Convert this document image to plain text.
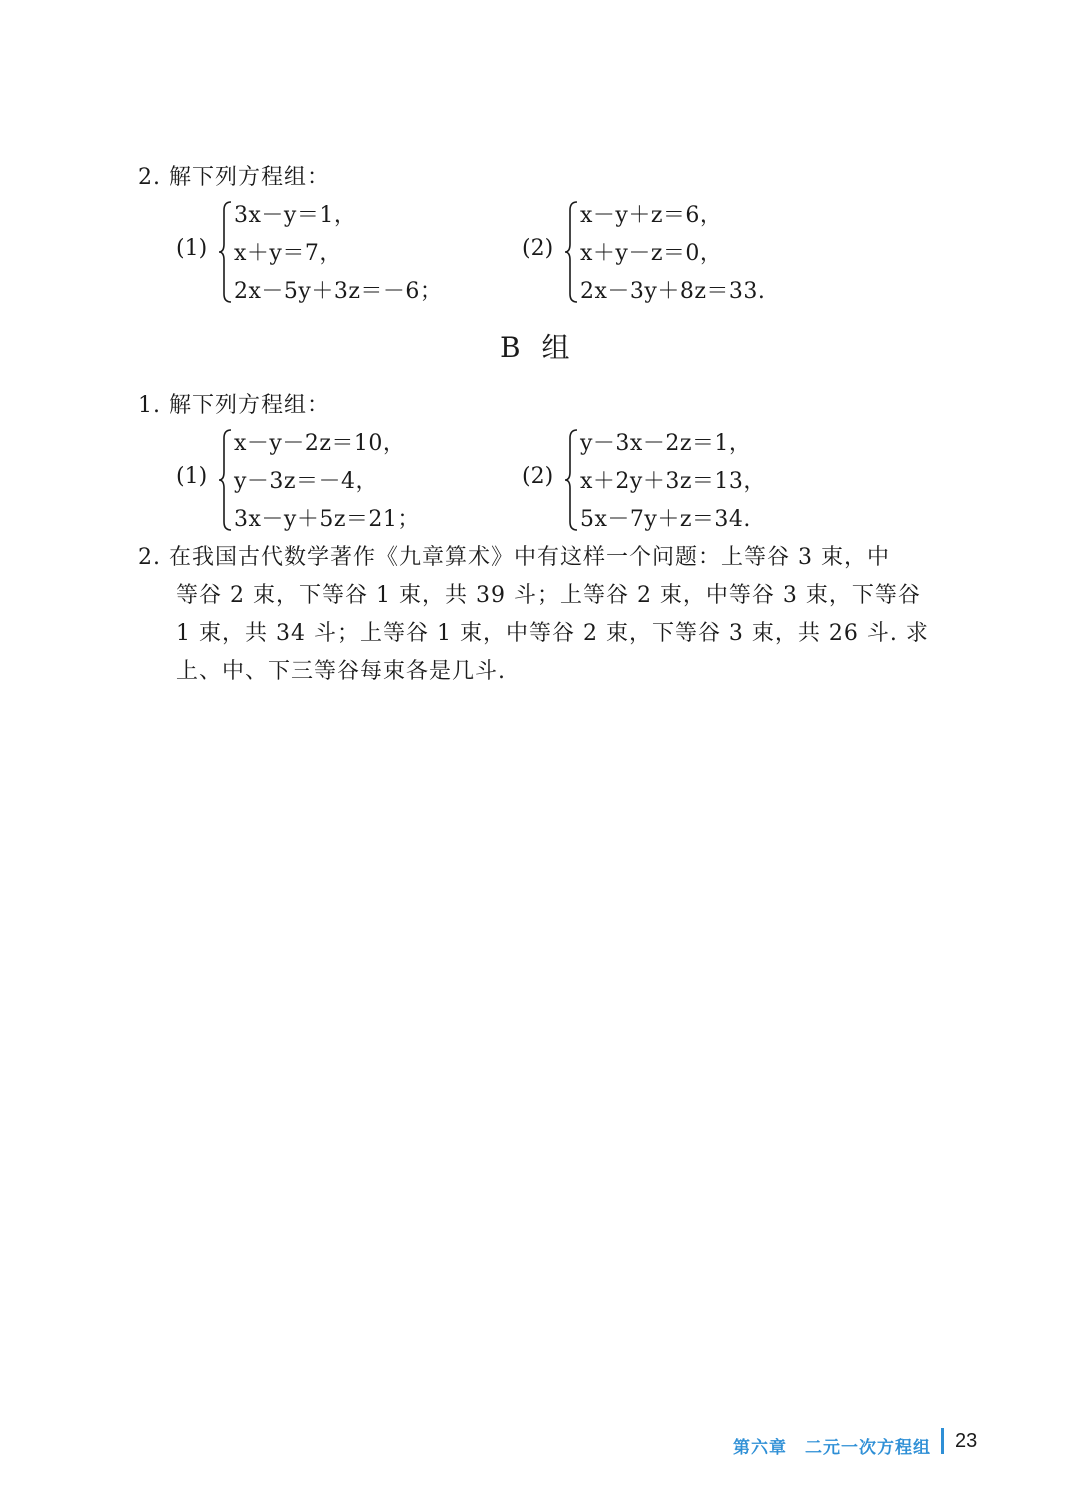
2. 解下列方程组：
(1)
3x－y＝1，
x＋y＝7，
2x－5y＋3z＝－6；
(2)
x－y＋z＝6，
x＋y－z＝0，
2x－3y＋8z＝33.
B 组
1. 解下列方程组：
(1)
x－y－2z＝10，
y－3z＝－4，
3x－y＋5z＝21；
(2)
y－3x－2z＝1，
x＋2y＋3z＝13，
5x－7y＋z＝34.
2. 在我国古代数学著作《九章算术》中有这样一个问题：上等谷 3 束，中
等谷 2 束，下等谷 1 束，共 39 斗；上等谷 2 束，中等谷 3 束，下等谷
1 束，共 34 斗；上等谷 1 束，中等谷 2 束，下等谷 3 束，共 26 斗. 求
上、中、下三等谷每束各是几斗.
第六章　二元一次方程组 23
